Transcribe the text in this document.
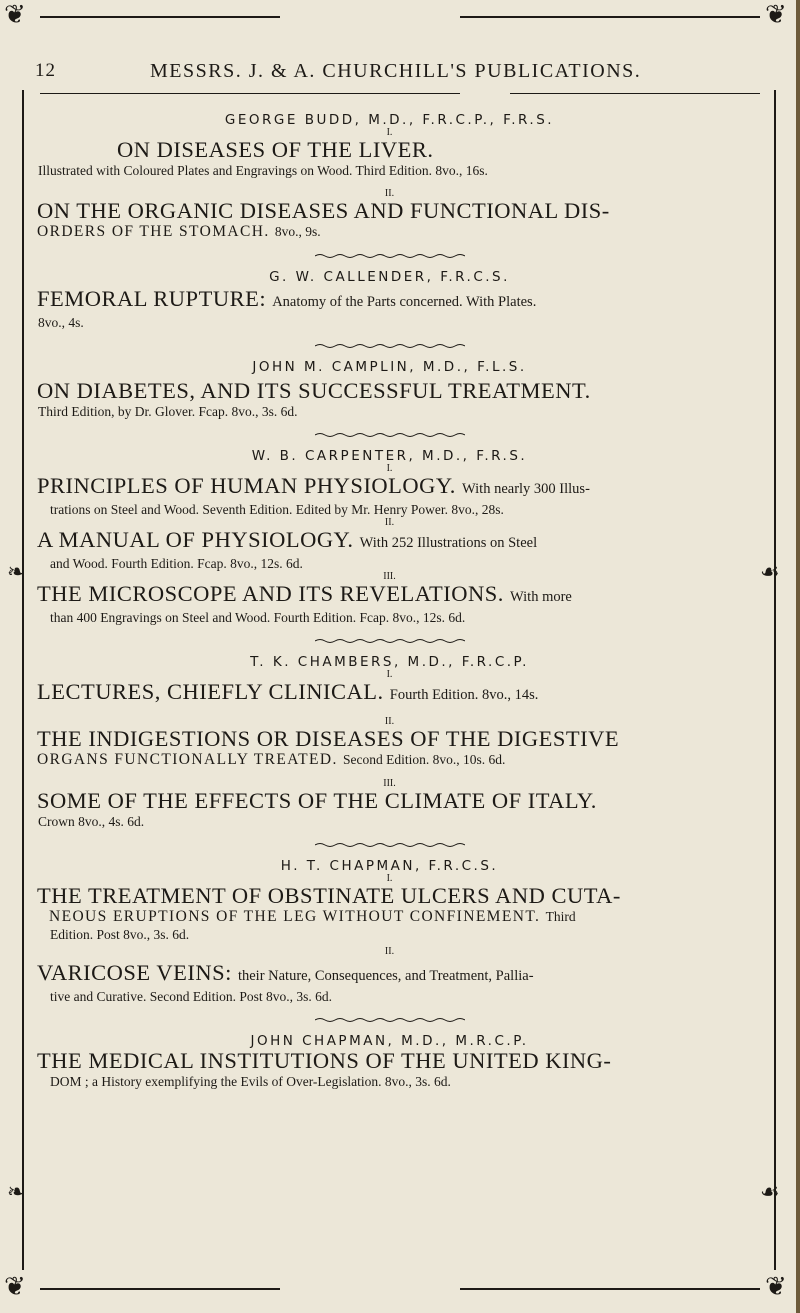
❦	❦
❦	❦
❧	☙
❧	☙
12	MESSRS. J. & A. CHURCHILL'S PUBLICATIONS.

GEORGE BUDD, M.D., F.R.C.P., F.R.S.

I.

ON DISEASES OF THE LIVER.

Illustrated with Coloured Plates and Engravings on Wood. Third Edition. 8vo., 16s.

II.

ON THE ORGANIC DISEASES AND FUNCTIONAL DIS-

ORDERS OF THE STOMACH. 8vo., 9s.

G. W. CALLENDER, F.R.C.S.

FEMORAL RUPTURE: Anatomy of the Parts concerned. With Plates.

8vo., 4s.

JOHN M. CAMPLIN, M.D., F.L.S.

ON DIABETES, AND ITS SUCCESSFUL TREATMENT.

Third Edition, by Dr. Glover. Fcap. 8vo., 3s. 6d.

W. B. CARPENTER, M.D., F.R.S.

I.

PRINCIPLES OF HUMAN PHYSIOLOGY. With nearly 300 Illus-

trations on Steel and Wood. Seventh Edition. Edited by Mr. Henry Power. 8vo., 28s.

II.

A MANUAL OF PHYSIOLOGY. With 252 Illustrations on Steel

and Wood. Fourth Edition. Fcap. 8vo., 12s. 6d.

III.

THE MICROSCOPE AND ITS REVELATIONS. With more

than 400 Engravings on Steel and Wood. Fourth Edition. Fcap. 8vo., 12s. 6d.

T. K. CHAMBERS, M.D., F.R.C.P.

I.

LECTURES, CHIEFLY CLINICAL. Fourth Edition. 8vo., 14s.

II.

THE INDIGESTIONS OR DISEASES OF THE DIGESTIVE

ORGANS FUNCTIONALLY TREATED. Second Edition. 8vo., 10s. 6d.

III.

SOME OF THE EFFECTS OF THE CLIMATE OF ITALY.

Crown 8vo., 4s. 6d.

H. T. CHAPMAN, F.R.C.S.

I.

THE TREATMENT OF OBSTINATE ULCERS AND CUTA-

NEOUS ERUPTIONS OF THE LEG WITHOUT CONFINEMENT. Third

Edition. Post 8vo., 3s. 6d.

II.

VARICOSE VEINS: their Nature, Consequences, and Treatment, Pallia-

tive and Curative. Second Edition. Post 8vo., 3s. 6d.

JOHN CHAPMAN, M.D., M.R.C.P.

THE MEDICAL INSTITUTIONS OF THE UNITED KING-

DOM ; a History exemplifying the Evils of Over-Legislation. 8vo., 3s. 6d.
